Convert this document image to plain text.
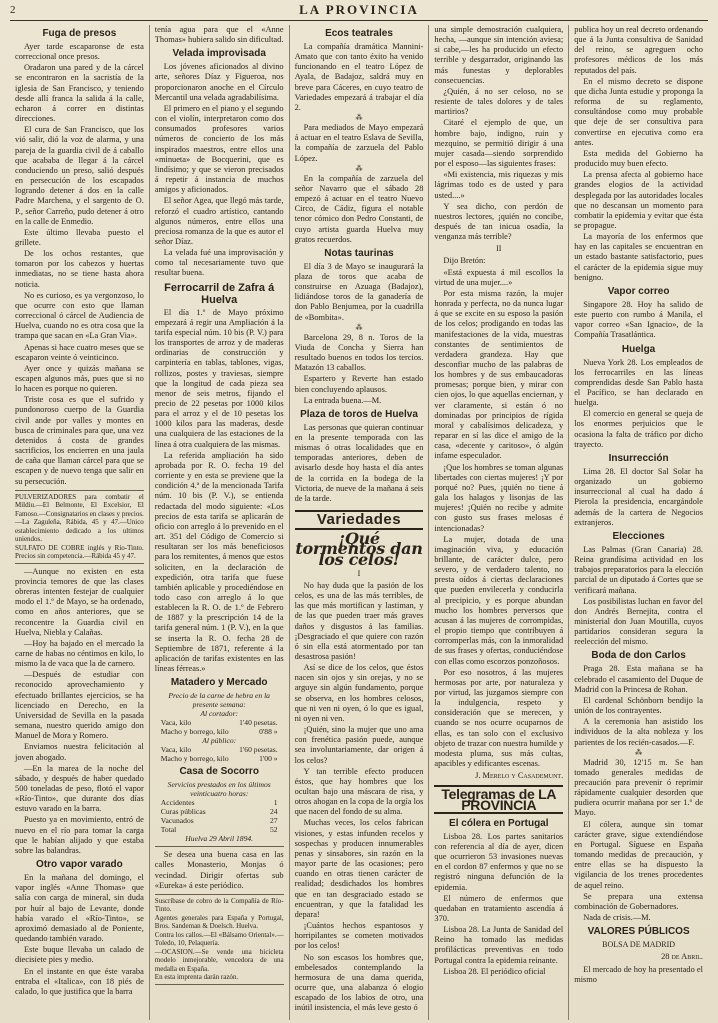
2	LA PROVINCIA
Fuga de presos

Ayer tarde escaparonse de esta correccional once presos.

Oradaron una pared y de la cárcel se encontraron en la sacristía de la iglesia de San Francisco, y teniendo desde allí franca la salida á la calle, echaron á correr en distintas direcciones.

El cura de San Francisco, que los vió salir, dió la voz de alarma, y una pareja de la guardia civil de á caballo que acababa de llegar á la cárcel conduciendo un preso, salió después en persecución de los escapados logrando detener á dos en la calle Padre Marchena, y el sargento de O. P., señor Carreño, pudo detener á otro en la calle de Enmedio.

Este último llevaba puesto el grillete.

De los ochos restantes, que tomaron por los cabezos y huertas inmediatas, no se tiene hasta ahora noticia.

No es curioso, es ya vergonzoso, lo que ocurre con esto que llaman correccional ó cárcel de Audiencia de Huelva, cuando no es otra cosa que la trampa que sacan en «La Gran Via».

Apenas si hace cuatro meses que se escaparon veinte ó veinticinco.

Ayer once y quizás mañana se escapen algunos más, pues que si no lo hacen es porque no quieren.

Triste cosa es que el sufrido y pundonoroso cuerpo de la Guardia civil ande por valles y montes en busca de criminales para que, una vez detenidos á costa de grandes sacrificios, los encierren en una jaula de caña que llaman cárcel para que se escapen y de nuevo tenga que salir en su persecución.

PULVERIZADORES para combatir el Mildiu.—El Belmonte, El Excelsior, El Famoso.—Consignatarios en clases y precios.—La Zaguleña, Rábida, 45 y 47.—Unico establecimiento dedicado a los ultimos uniendos.
SULFATO DE COBRE inglés y Río-Tinto. Precios sin competencia.—Rábida 45 y 47.

—Aunque no existen en esta provincia temores de que las clases obreras intenten festejar de cualquier modo el 1.º de Mayo, se ha ordenado, como en años anteriores, que se reconcentre la Guardia civil en Huelva, Niebla y Calañas.

—Hoy ha bajado en el mercado la carne de habas no céntimos en kilo, lo mismo la de vaca que la de carnero.

—Después de estudiar con reconocido aprovechamiento y efectuado brillantes ejercicios, se ha licenciado en Derecho, en la Universidad de Sevilla en la pasada semana, nuestro querido amigo don Manuel de Mora y Romero.

Enviamos nuestra felicitación al joven abogado.

—En la marea de la noche del sábado, y después de haber quedado 500 toneladas de peso, flotó el vapor «Río-Tinto», que durante dos días estuvo varado en la barra.

Puesto ya en movimiento, entró de nuevo en el río para tomar la carga que le habían alijado y que estaba sobre las balandras.

Otro vapor varado

En la mañana del domingo, el vapor inglés «Anne Thomas» que salía con carga de mineral, sin duda por huír al bajo de Levante, donde había varado el «Río-Tinto», se aproximó demasiado al de Poniente, quedando también varado.

Este buque llevaba un calado de diecisiete pies y medio.

En el instante en que éste varaba entraba el «Italica», con 18 piés de calado, lo que justifica que la barra

tenía agua para que el «Anne Thomas» hubiera salido sin dificultad.

Velada improvisada

Los jóvenes aficionados al divino arte, señores Díaz y Figueroa, nos proporcionaron anoche en el Círculo Mercantil una velada agradabilísima.

El primero en el piano y el segundo con el violín, interpretaron como dos consumados profesores varios números de concierto de los más inspirados maestros, entre ellos una «minueta» de Bocquerini, que es lindísimo; y que se vieron precisados á repetir á instancia de muchos amigos y aficionados.

El señor Agea, que llegó más tarde, reforzó el cuadro artístico, cantando algunos números, entre ellos una preciosa romanza de la que es autor el señor Díaz.

La velada fué una improvisación y como tal necesariamente tuvo que resultar buena.

Ferrocarril de Zafra á Huelva

El día 1.º de Mayo próximo empezará á regir una Ampliación á la tarifa especial núm. 10 bis (P. V.) para los transportes de arroz y de maderas ordinarias de construcción y carpintería en tablas, tablones, vigas, rollizos, postes y traviesas, siempre que la longitud de cada pieza sea menor de seis metros, fijando el precio de 22 pesetas por 1000 kilos para el arroz y el de 10 pesetas los 1000 kilos para las maderas, desde una cualquiera de las estaciones de la línea á otra cualquiera de las mismas.

La referida ampliación ha sido aprobada por R. O. fecha 19 del corriente y en esta se previene que la condición 4.ª de la mencionada Tarifa núm. 10 bis (P. V.), se entienda redactada del modo siguiente: «Los precios de esta tarifa se aplicarán de oficio con arreglo á lo prevenido en el art. 351 del Código de Comercio si resultaran ser los más beneficiosos para los remitentes, á menos que estos soliciten, en la declaración de expedición, otra tarifa que fuese también aplicable y procediéndose en todo caso con arreglo á lo que establecen la R. O. de 1.º de Febrero de 1887 y la prescripción 14 de la tarifa general núm. 1 (P. V.), en la que se inserta la R. O. fecha 28 de Septiembre de 1871, referente á la aplicación de tarifas existentes en las líneas férreas.»

Matadero y Mercado
Precio de la carne de hebra en la presente semana:
Al cortador:
Vaca, kilo	1'40 pesetas.
Macho y borrego, kilo	0'88 »
Al público:
Vaca, kilo	1'60 pesetas.
Macho y borrego, kilo	1'00 »
Casa de Socorro
Servicios prestados en los últimos veinticuatro horas:
Accidentes	1
Curas públicas	24
Vacunados	27
Total	52
Huelva 29 Abril 1894.

Se desea una buena casa en las calles Monasterio, Monjas ó vecindad. Dirigir ofertas sub «Eureka» á este periódico.

Suscríbase de cobro de la Compañía de Río-Tinto.
Agentes generales para España y Portugal, Bros. Sandeman & Doelsch. Huelva.
Contra los callos.—El «Bálsamo Oriental».—Toledo, 10, Pelaquería.
—OCASION.—Se vende una bicicleta modelo inmejorable, vencedora de una medalla en España.
En esta imprenta darán razón.
Ecos teatrales

La compañía dramática Mannini-Amato que con tanto éxito ha venido funcionando en el teatro López de Ayala, de Badajoz, saldrá muy en breve para Cáceres, en cuyo teatro de Variedades empezará á trabajar el día 2.

⁂

Para mediados de Mayo empezará á actuar en el teatro Eslava de Sevilla, la compañía de zarzuela del Pablo López.

⁂

En la compañía de zarzuela del señor Navarro que el sábado 28 empezó á actuar en el teatro Nuevo Circo, de Cádiz, figura el notable tenor cómico don Pedro Constanti, de cuyo artista guarda Huelva muy gratos recuerdos.

Notas taurinas

El día 3 de Mayo se inaugurará la plaza de toros que acaba de construirse en Azuaga (Badajoz), lidiándose toros de la ganadería de don Pablo Benjumea, por la cuadrilla de «Bombita».

⁂

Barcelona 29, 8 n. Toros de la Viuda de Concha y Sierra han resultado buenos en todos los tercios. Matazón 13 caballos.

Espartero y Reverte han estado bien concluyendo aplausos.

La entrada buena.—M.

Plaza de toros de Huelva

Las personas que quieran continuar en la presente temporada con las mismas ó otras localidades que en temporadas anteriores, deben de avisarlo desde hoy hasta el día antes de la corrida en la bodega de la Victoria, de nueve de la mañana á seis de la tarde.

Variedades
¡Qué tormentos dan los celos!
I

No hay duda que la pasión de los celos, es una de las más terribles, de las que más mortifican y lastiman, y de las que pueden traer más graves daños y disgustos á las familias. ¡Desgraciado el que quiere con razón ó sin ella está atormentado por tan desastrosa pasión!

Así se dice de los celos, que éstos nacen sin ojos y sin orejas, y no se arguye sin algún fundamento, porque se observa, en los hombres celosos, que ni ven ni oyen, ó lo que es igual, ni oyen ni ven.

¡Quién, sino la mujer que uno ama con frenética pasión puede, aunque sea involuntariamente, dar origen á los celos?

Y tan terrible efecto producen éstos, que hay hombres que los ocultan bajo una máscara de risa, y otros ahogan en la copa de la orgía los que nacen del fondo de su alma.

Muchas veces, los celos fabrican visiones, y estas infunden recelos y sospechas y producen innumerables penas y sinsabores, sin razón en la mayor parte de las ocasiones; pero cuando en otras tienen carácter de realidad; desdichados los hombres que en tan desgraciado estado se encuentran, y que la fatalidad les depara!

¡Cuántos hechos espantosos y horripilantes se cometen motivados por los celos!

No son escasos los hombres que, embelesados contemplando la hermosura de una dama querida, ocurre que, una alabanza ó elogio escapado de los labios de otro, una inútil insistencia, el más leve gesto ó

una simple demostración cualquiera, hecha, —aunque sin intención aviesa; si cabe,—les ha producido un efecto terrible y desgarrador, originando las más funestas y deplorables consecuencias.

¿Quién, á no ser celoso, no se resiente de tales dolores y de tales martirios?

Citaré el ejemplo de que, un hombre bajo, indigno, ruin y mezquino, se permitió dirigir á una mujer casada—siendo sorprendido por el esposo—las siguientes frases:

«Mi existencia, mis riquezas y mis lágrimas todo es de usted y para usted....»

Y sea dicho, con perdón de nuestros lectores, ¡quién no concibe, después de tan inicua osadía, la venganza más terrible?

II

Dijo Bretón:

«Está expuesta á mil escollos la virtud de una mujer....»

Por esta misma razón, la mujer honrada y perfecta, no da nunca lugar á que se excite en su esposo la pasión de los celos; prodigando en todas las manifestaciones de la vida, muestras constantes de sentimientos de verdadera grandeza. Hay que desconfiar mucho de las palabras de los hombres y de sus embaucadoras promesas; porque bien, y mirar con cien ojos, lo que aquellas enciernan, y ver claramente, si están ó no dominadas por principios de rígida moral y cabalísimos delicadeza, y reparar en sí las dice el amigo de la casa, «decente y caritoso», ó algún infame especulador.

¡Que los hombres se toman algunas libertades con ciertas mujeres! ¡Y por porqué no? Pues, ¡quién no tiene á gala los halagos y lisonjas de las mujeres! ¡Quién no recibe y admite con gusto sus frases melosas é intencionadas?

La mujer, dotada de una imaginación viva, y educación brillante, de carácter dulce, pero severo, y de verdadero talento, no presta oídos á ciertas declaraciones que pueden envilecerla y conducirla al precipicio, y es porque abundan mucho los hombres perversos que acusan á las mujeres de corrompidas, el propio tiempo que contribuyen á corromperlas más, con la inmoralidad de sus frases y ofertas, conduciéndose con ellas como escorzos ponzoñosos.

Por eso nosotros, á las mujeres hermosas por arte, por naturaleza y por virtud, las juzgamos siempre con la indulgencia, respeto y consideración que se merecen, y cuando se nos ocurre ocuparnos de ellas, es tan solo con el exclusivo objeto de trazar con nuestra humilde y modesta pluma, sus más cultas, apacibles y edificantes escenas.

J. Merelo y Casademunt.
Telegramas de LA PROVINCIA
El cólera en Portugal

Lisboa 28. Los partes sanitarios con referencia al día de ayer, dicen que ocurrieron 53 invasiones nuevas en el cordon 87 enfermos y que no se registró ninguna defunción de la epidemia.

El número de enfermos que quedaban en tratamiento ascendía á 370.

Lisboa 28. La Junta de Sanidad del Reino ha tomado las medidas profilácticas preventivas en todo Portugal contra la epidemia reinante.

Lisboa 28. El periódico oficial

publica hoy un real decreto ordenando que á la Junta consultiva de Sanidad del reino, se agreguen ocho profesores médicos de los más reputados del país.

En el mismo decreto se dispone que dicha Junta estudie y proponga la reforma de su reglamento, consultándose como muy probable que deje de ser consultiva para convertirse en ejecutiva como era antes.

Esta medida del Gobierno ha producido muy buen efecto.

La prensa afecta al gobierno hace grandes elogios de la actividad desplegada por las autoridades locales que no descansan un momento para combatir la epidemia y evitar que ésta se propague.

La mayoría de los enfermos que hay en las capitales se encuentran en un estado bastante satisfactorio, pues el carácter de la epidemia sigue muy benigno.

Vapor correo

Singapore 28. Hoy ha salido de este puerto con rumbo á Manila, el vapor correo «San Ignacio», de la Compañía Trasatlántica.

Huelga

Nueva York 28. Los empleados de los ferrocarriles en las líneas comprendidas desde San Pablo hasta el Pacífico, se han declarado en huelga.

El comercio en general se queja de los enormes perjuicios que le ocasiona la falta de tráfico por dicho trayecto.

Insurrección

Lima 28. El doctor Sal Solar ha organizado un gobierno insurreccional al cual ha dado á Pierola la presidencia, encargándole además de la cartera de Negocios extranjeros.

Elecciones

Las Palmas (Gran Canaria) 28. Reina grandísima actividad en los trabajos preparatorios para la elección parcial de un diputado á Cortes que se verificará mañana.

Los posibilistas luchan en favor del don Andrés Bernejita, contra el ministerial don Juan Moutilla, cuyos partidarios consideran segura la reelección del mismo.

Boda de don Carlos

Praga 28. Esta mañana se ha celebrado el casamiento del Duque de Madrid con la Princesa de Rohan.

El cardenal Schönborn bendijo la unión de los contrayentes.

A la ceremonia han asistido los individuos de la alta nobleza y los parientes de los recién-casados.—F.

⁂

Madrid 30, 12'15 m. Se han tomado generales medidas de precaución para prevenir ó reprimir rápidamente cualquier desorden que pudiera ocurrir mañana por ser 1.º de Mayo.

El cólera, aunque sin tomar carácter grave, sigue extendiéndose en Portugal. Síguese en España tomando medidas de precaución, y entre ellas se ha dispuesto la vigilancia de los trenes procedentes de aquel reino.

Se prepara una extensa combinación de Gobernadores.

Nada de crisis.—M.

VALORES PÚBLICOS
BOLSA DE MADRID
28 de Abril.

El mercado de hoy ha presentado el mismo
